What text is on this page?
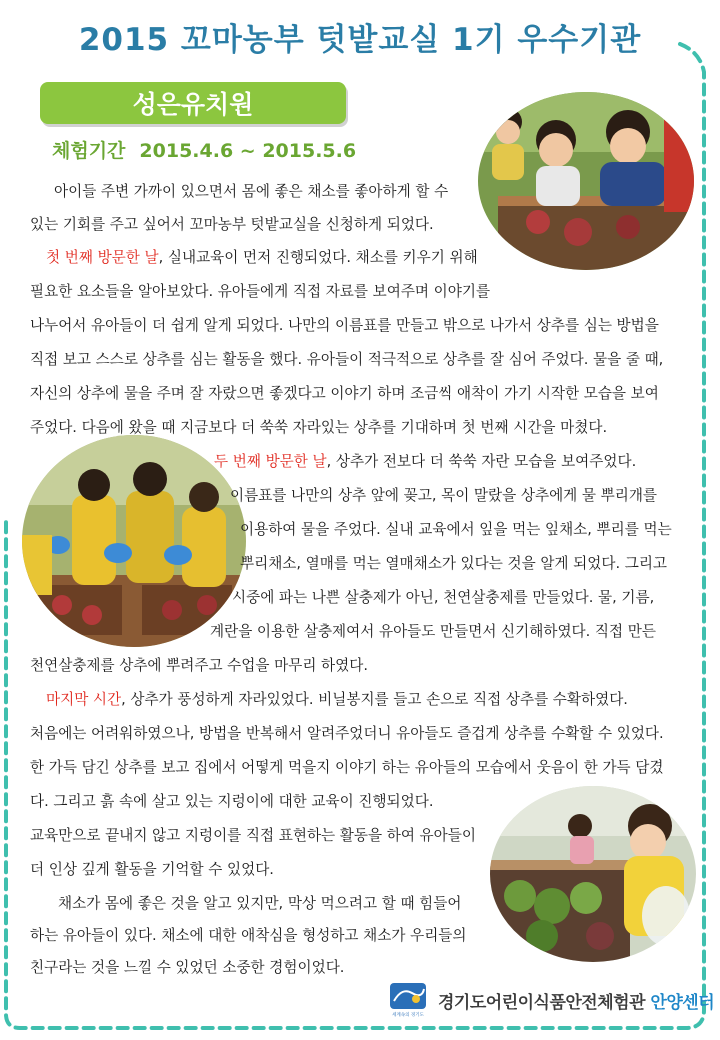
2015 꼬마농부 텃밭교실 1기 우수기관
성은유치원
체험기간 2015.4.6 ~ 2015.5.6
아이들 주변 가까이 있으면서 몸에 좋은 채소를 좋아하게 할 수
있는 기회를 주고 싶어서 꼬마농부 텃밭교실을 신청하게 되었다.
첫 번째 방문한 날, 실내교육이 먼저 진행되었다. 채소를 키우기 위해
필요한 요소들을 알아보았다. 유아들에게 직접 자료를 보여주며 이야기를
나누어서 유아들이 더 쉽게 알게 되었다. 나만의 이름표를 만들고 밖으로 나가서 상추를 심는 방법을
직접 보고 스스로 상추를 심는 활동을 했다. 유아들이 적극적으로 상추를 잘 심어 주었다. 물을 줄 때,
자신의 상추에 물을 주며 잘 자랐으면 좋겠다고 이야기 하며 조금씩 애착이 가기 시작한 모습을 보여
주었다. 다음에 왔을 때 지금보다 더 쑥쑥 자라있는 상추를 기대하며 첫 번째 시간을 마쳤다.
두 번째 방문한 날, 상추가 전보다 더 쑥쑥 자란 모습을 보여주었다.
이름표를 나만의 상추 앞에 꽂고, 목이 말랐을 상추에게 물 뿌리개를
이용하여 물을 주었다. 실내 교육에서 잎을 먹는 잎채소, 뿌리를 먹는
뿌리채소, 열매를 먹는 열매채소가 있다는 것을 알게 되었다. 그리고
시중에 파는 나쁜 살충제가 아닌, 천연살충제를 만들었다. 물, 기름,
계란을 이용한 살충제여서 유아들도 만들면서 신기해하였다. 직접 만든
천연살충제를 상추에 뿌려주고 수업을 마무리 하였다.
마지막 시간, 상추가 풍성하게 자라있었다. 비닐봉지를 들고 손으로 직접 상추를 수확하였다.
처음에는 어려워하였으나, 방법을 반복해서 알려주었더니 유아들도 즐겁게 상추를 수확할 수 있었다.
한 가득 담긴 상추를 보고 집에서 어떻게 먹을지 이야기 하는 유아들의 모습에서 웃음이 한 가득 담겼
다. 그리고 흙 속에 살고 있는 지렁이에 대한 교육이 진행되었다.
교육만으로 끝내지 않고 지렁이를 직접 표현하는 활동을 하여 유아들이
더 인상 깊게 활동을 기억할 수 있었다.
채소가 몸에 좋은 것을 알고 있지만, 막상 먹으려고 할 때 힘들어
하는 유아들이 있다. 채소에 대한 애착심을 형성하고 채소가 우리들의
친구라는 것을 느낄 수 있었던 소중한 경험이었다.
세계속의 경기도
경기도어린이식품안전체험관 안양센터
